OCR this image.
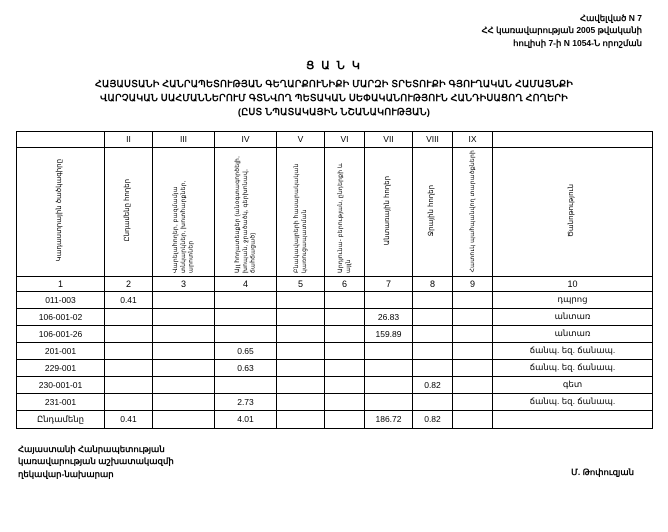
Հավելված N 7
ՀՀ կառավարության 2005 թվականի
հուլիսի 7-ի N 1054-Ն որոշման
Ց Ա Ն Կ
ՀԱՅԱՍՏԱՆԻ ՀԱՆՐԱՊԵՏՈՒԹՅԱՆ ԳԵՂԱՐՔՈՒՆԻՔԻ ՄԱՐԶԻ ՏՐԵՏՈՒՔԻ ԳՅՈՒՂԱԿԱՆ ՀԱՄԱՅՆՔԻ
ՎԱՐՉԱԿԱՆ ՍԱՀՄԱՆՆԵՐՈՒՄ ԳՏՆՎՈՂ ՊԵՏԱԿԱՆ ՍԵՓԱԿԱՆՈՒԹՅՈՒՆ ՀԱՆԴԻՍԱՑՈՂ ՀՈՂԵՐԻ
(ԸՍՏ ՆՊԱՏԱԿԱՅԻՆ ՆՇԱՆԱԿՈՒԹՅԱՆ)
	II	III	IV	V	VI	VII	VIII	IX	
Կադաստրային ծածկագիրը	Ընդամենը հողեր	Վարելահողեր, բազմամյա տնկարկներ, խոտհարքներ, արոտներ	Այլ հողատեսքեր (անօգտագործելի, խոպան, ջրածածկ, գերխոնավ, ճահճացած)	Բնակավայրերի հասարակական կառուցապատման	Արդյունա- բերության, ընդերքի և այլն	Անտառային հողեր	Ջրային հողեր	Հատուկ պահպանվող տարածքների	Ծանոթություն
1	2	3	4	5	6	7	8	9	10
011-003	0.41								դպրոց
106-001-02						26.83			անտառ
106-001-26						159.89			անտառ
201-001			0.65						ճանպ. եզ. ճանապ.
229-001			0.63						ճանպ. եզ. ճանապ.
230-001-01							0.82		գետ
231-001			2.73						ճանպ. եզ. ճանապ.
Ընդամենը	0.41		4.01			186.72	0.82		
Հայաստանի Հանրապետության
կառավարության աշխատակազմի
ղեկավար-նախարար	Մ. Թոփուզյան
